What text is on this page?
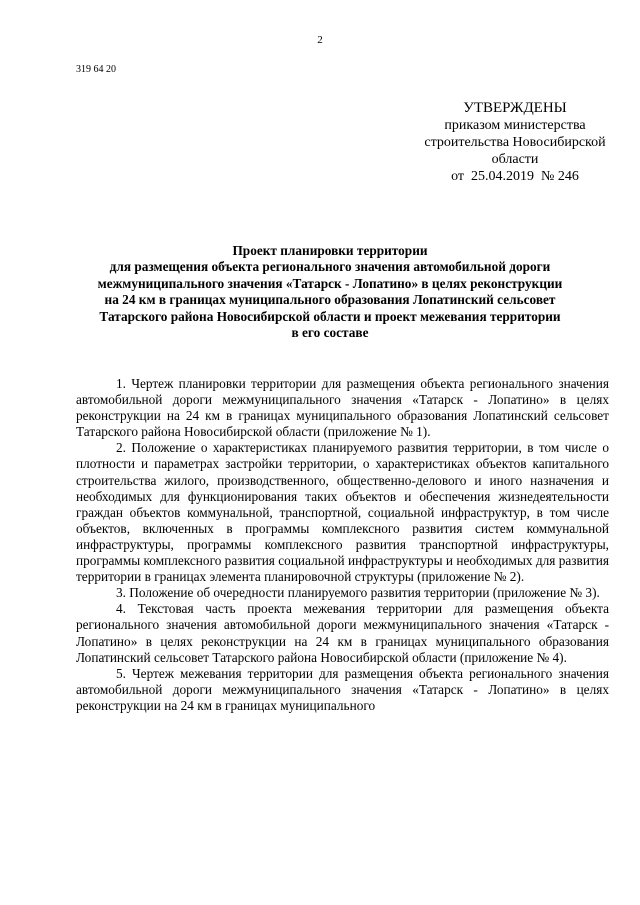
2
319 64 20
УТВЕРЖДЕНЫ
приказом министерства
строительства Новосибирской
области
от  25.04.2019  № 246
Проект планировки территории
для размещения объекта регионального значения автомобильной дороги
межмуниципального значения «Татарск - Лопатино» в целях реконструкции
на 24 км в границах муниципального образования Лопатинский сельсовет
Татарского района Новосибирской области и проект межевания территории
в его составе

1. Чертеж планировки территории для размещения объекта регионального значения автомобильной дороги межмуниципального значения «Татарск - Лопатино» в целях реконструкции на 24 км в границах муниципального образования Лопатинский сельсовет Татарского района Новосибирской области (приложение № 1).

2. Положение о характеристиках планируемого развития территории, в том числе о плотности и параметрах застройки территории, о характеристиках объектов капитального строительства жилого, производственного, общественно-делового и иного назначения и необходимых для функционирования таких объектов и обеспечения жизнедеятельности граждан объектов коммунальной, транспортной, социальной инфраструктур, в том числе объектов, включенных в программы комплексного развития систем коммунальной инфраструктуры, программы комплексного развития транспортной инфраструктуры, программы комплексного развития социальной инфраструктуры и необходимых для развития территории в границах элемента планировочной структуры (приложение № 2).

3. Положение об очередности планируемого развития территории (приложение № 3).

4. Текстовая часть проекта межевания территории для размещения объекта регионального значения автомобильной дороги межмуниципального значения «Татарск - Лопатино» в целях реконструкции на 24 км в границах муниципального образования Лопатинский сельсовет Татарского района Новосибирской области (приложение № 4).

5. Чертеж межевания территории для размещения объекта регионального значения автомобильной дороги межмуниципального значения «Татарск - Лопатино» в целях реконструкции на 24 км в границах муниципального
